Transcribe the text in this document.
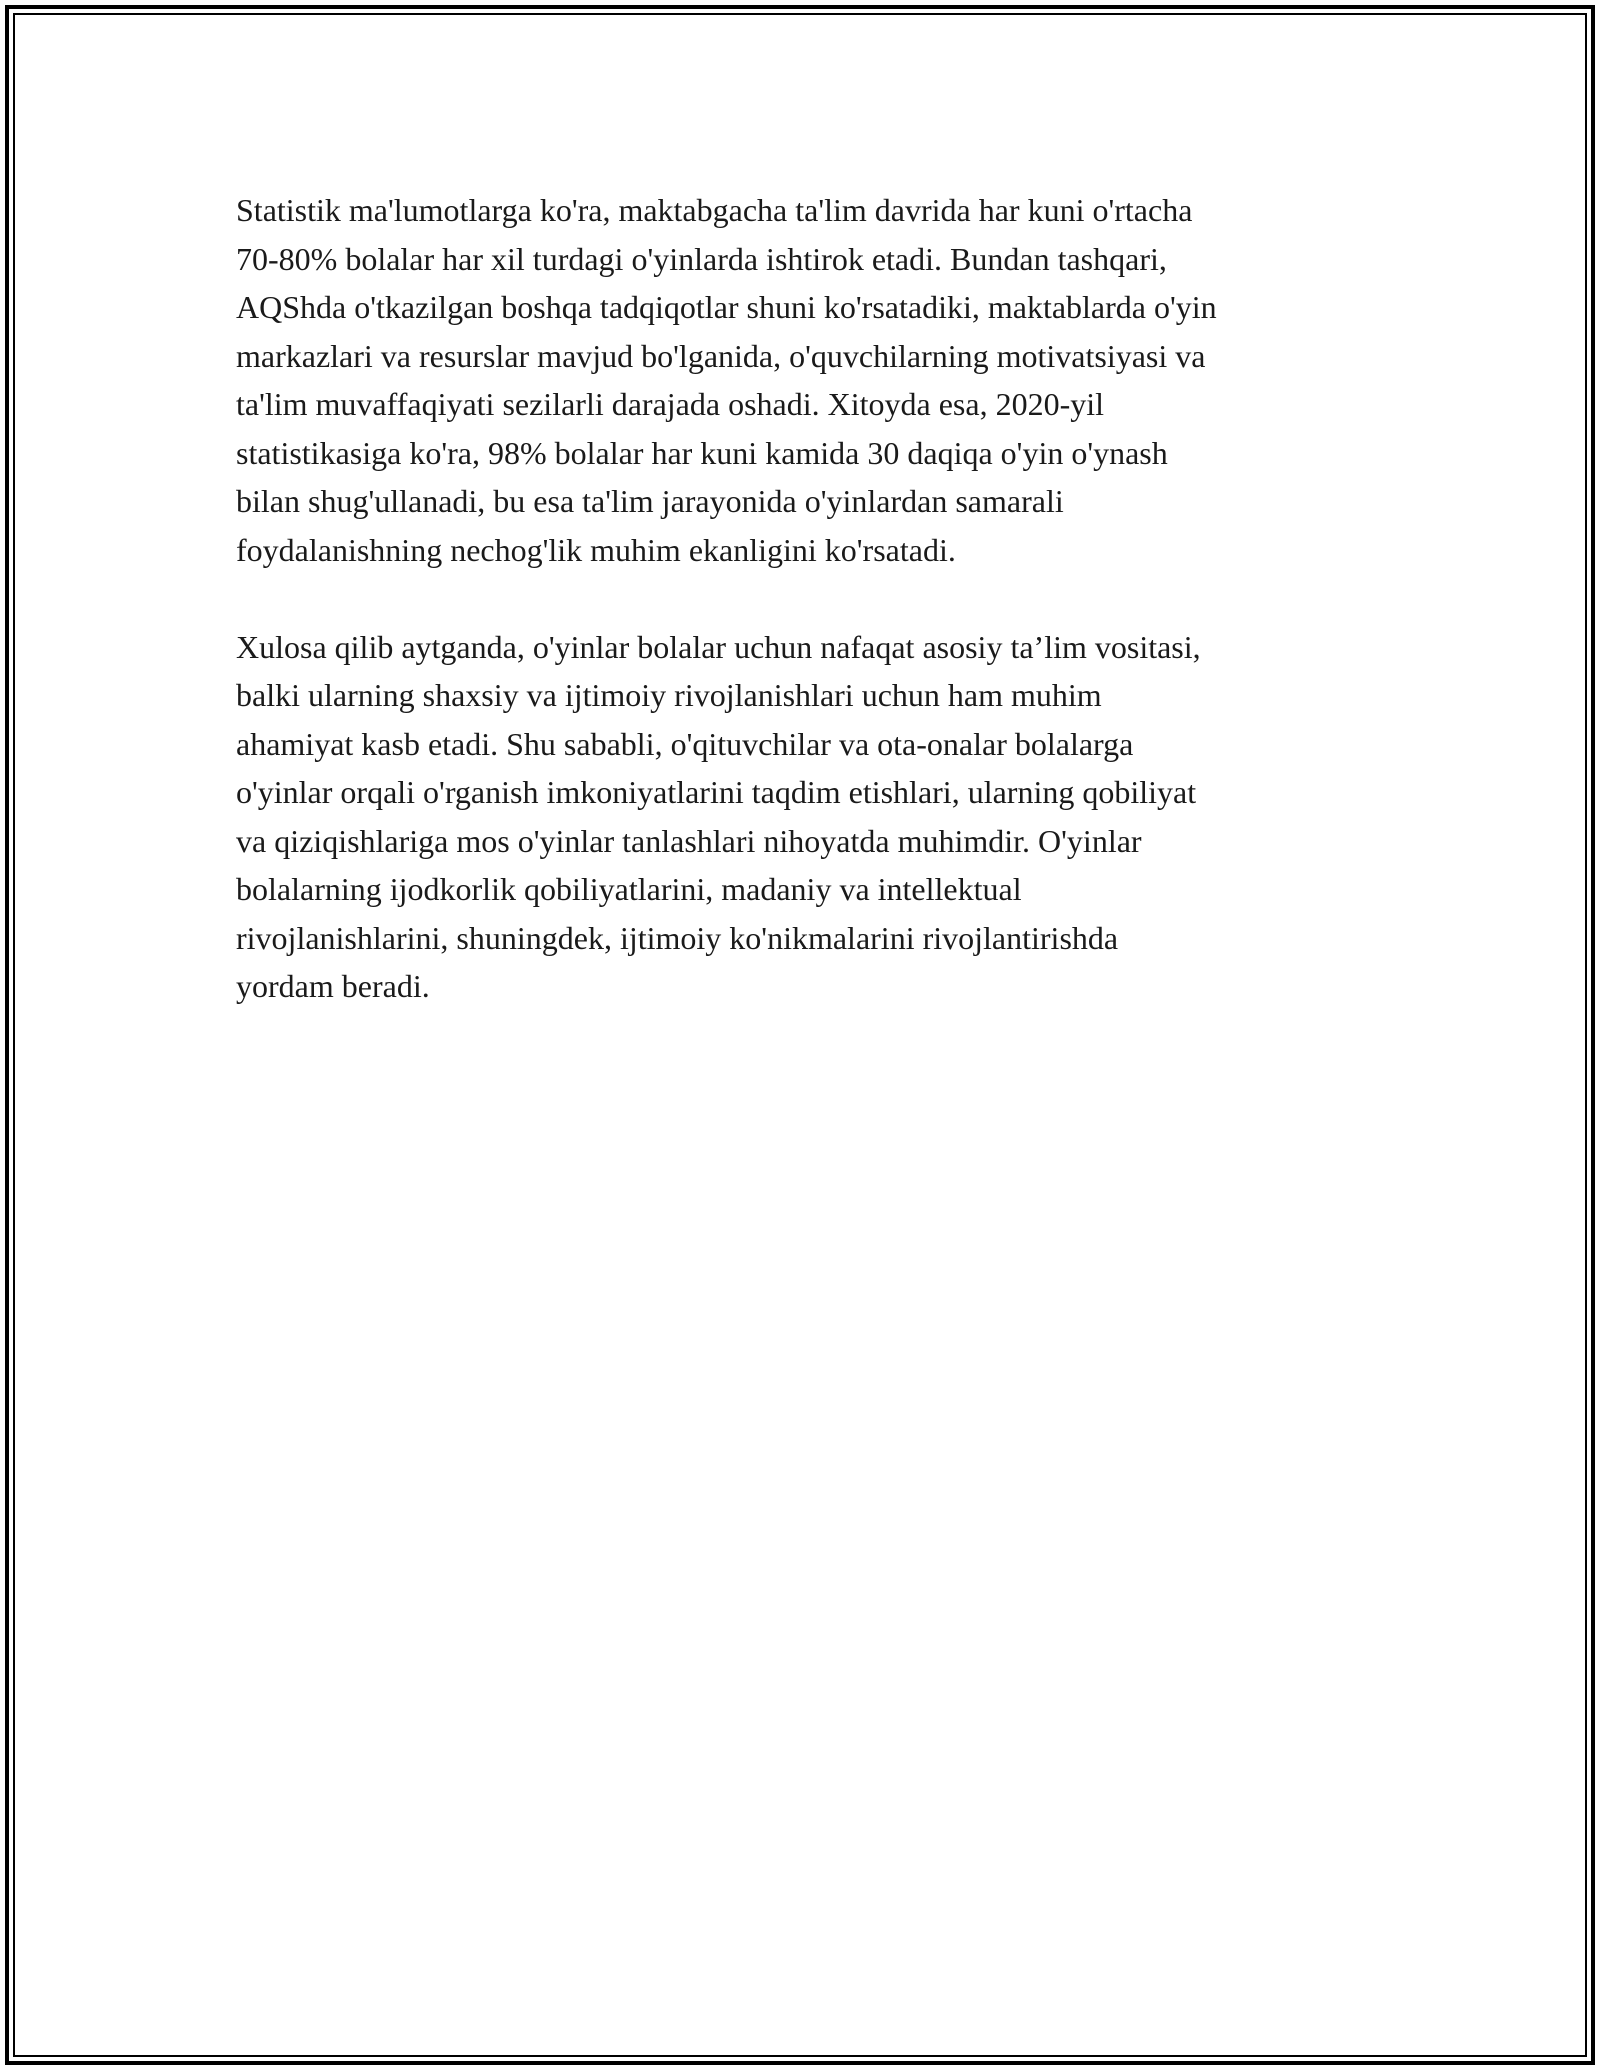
Statistik ma'lumotlarga ko'ra, maktabgacha ta'lim davrida har kuni o'rtacha
70-80% bolalar har xil turdagi o'yinlarda ishtirok etadi. Bundan tashqari,
AQShda o'tkazilgan boshqa tadqiqotlar shuni ko'rsatadiki, maktablarda o'yin
markazlari va resurslar mavjud bo'lganida, o'quvchilarning motivatsiyasi va
ta'lim muvaffaqiyati sezilarli darajada oshadi. Xitoyda esa, 2020-yil
statistikasiga ko'ra, 98% bolalar har kuni kamida 30 daqiqa o'yin o'ynash
bilan shug'ullanadi, bu esa ta'lim jarayonida o'yinlardan samarali
foydalanishning nechog'lik muhim ekanligini ko'rsatadi.

Xulosa qilib aytganda, o'yinlar bolalar uchun nafaqat asosiy ta’lim vositasi,
balki ularning shaxsiy va ijtimoiy rivojlanishlari uchun ham muhim
ahamiyat kasb etadi. Shu sababli, o'qituvchilar va ota-onalar bolalarga
o'yinlar orqali o'rganish imkoniyatlarini taqdim etishlari, ularning qobiliyat
va qiziqishlariga mos o'yinlar tanlashlari nihoyatda muhimdir. O'yinlar
bolalarning ijodkorlik qobiliyatlarini, madaniy va intellektual
rivojlanishlarini, shuningdek, ijtimoiy ko'nikmalarini rivojlantirishda
yordam beradi.
